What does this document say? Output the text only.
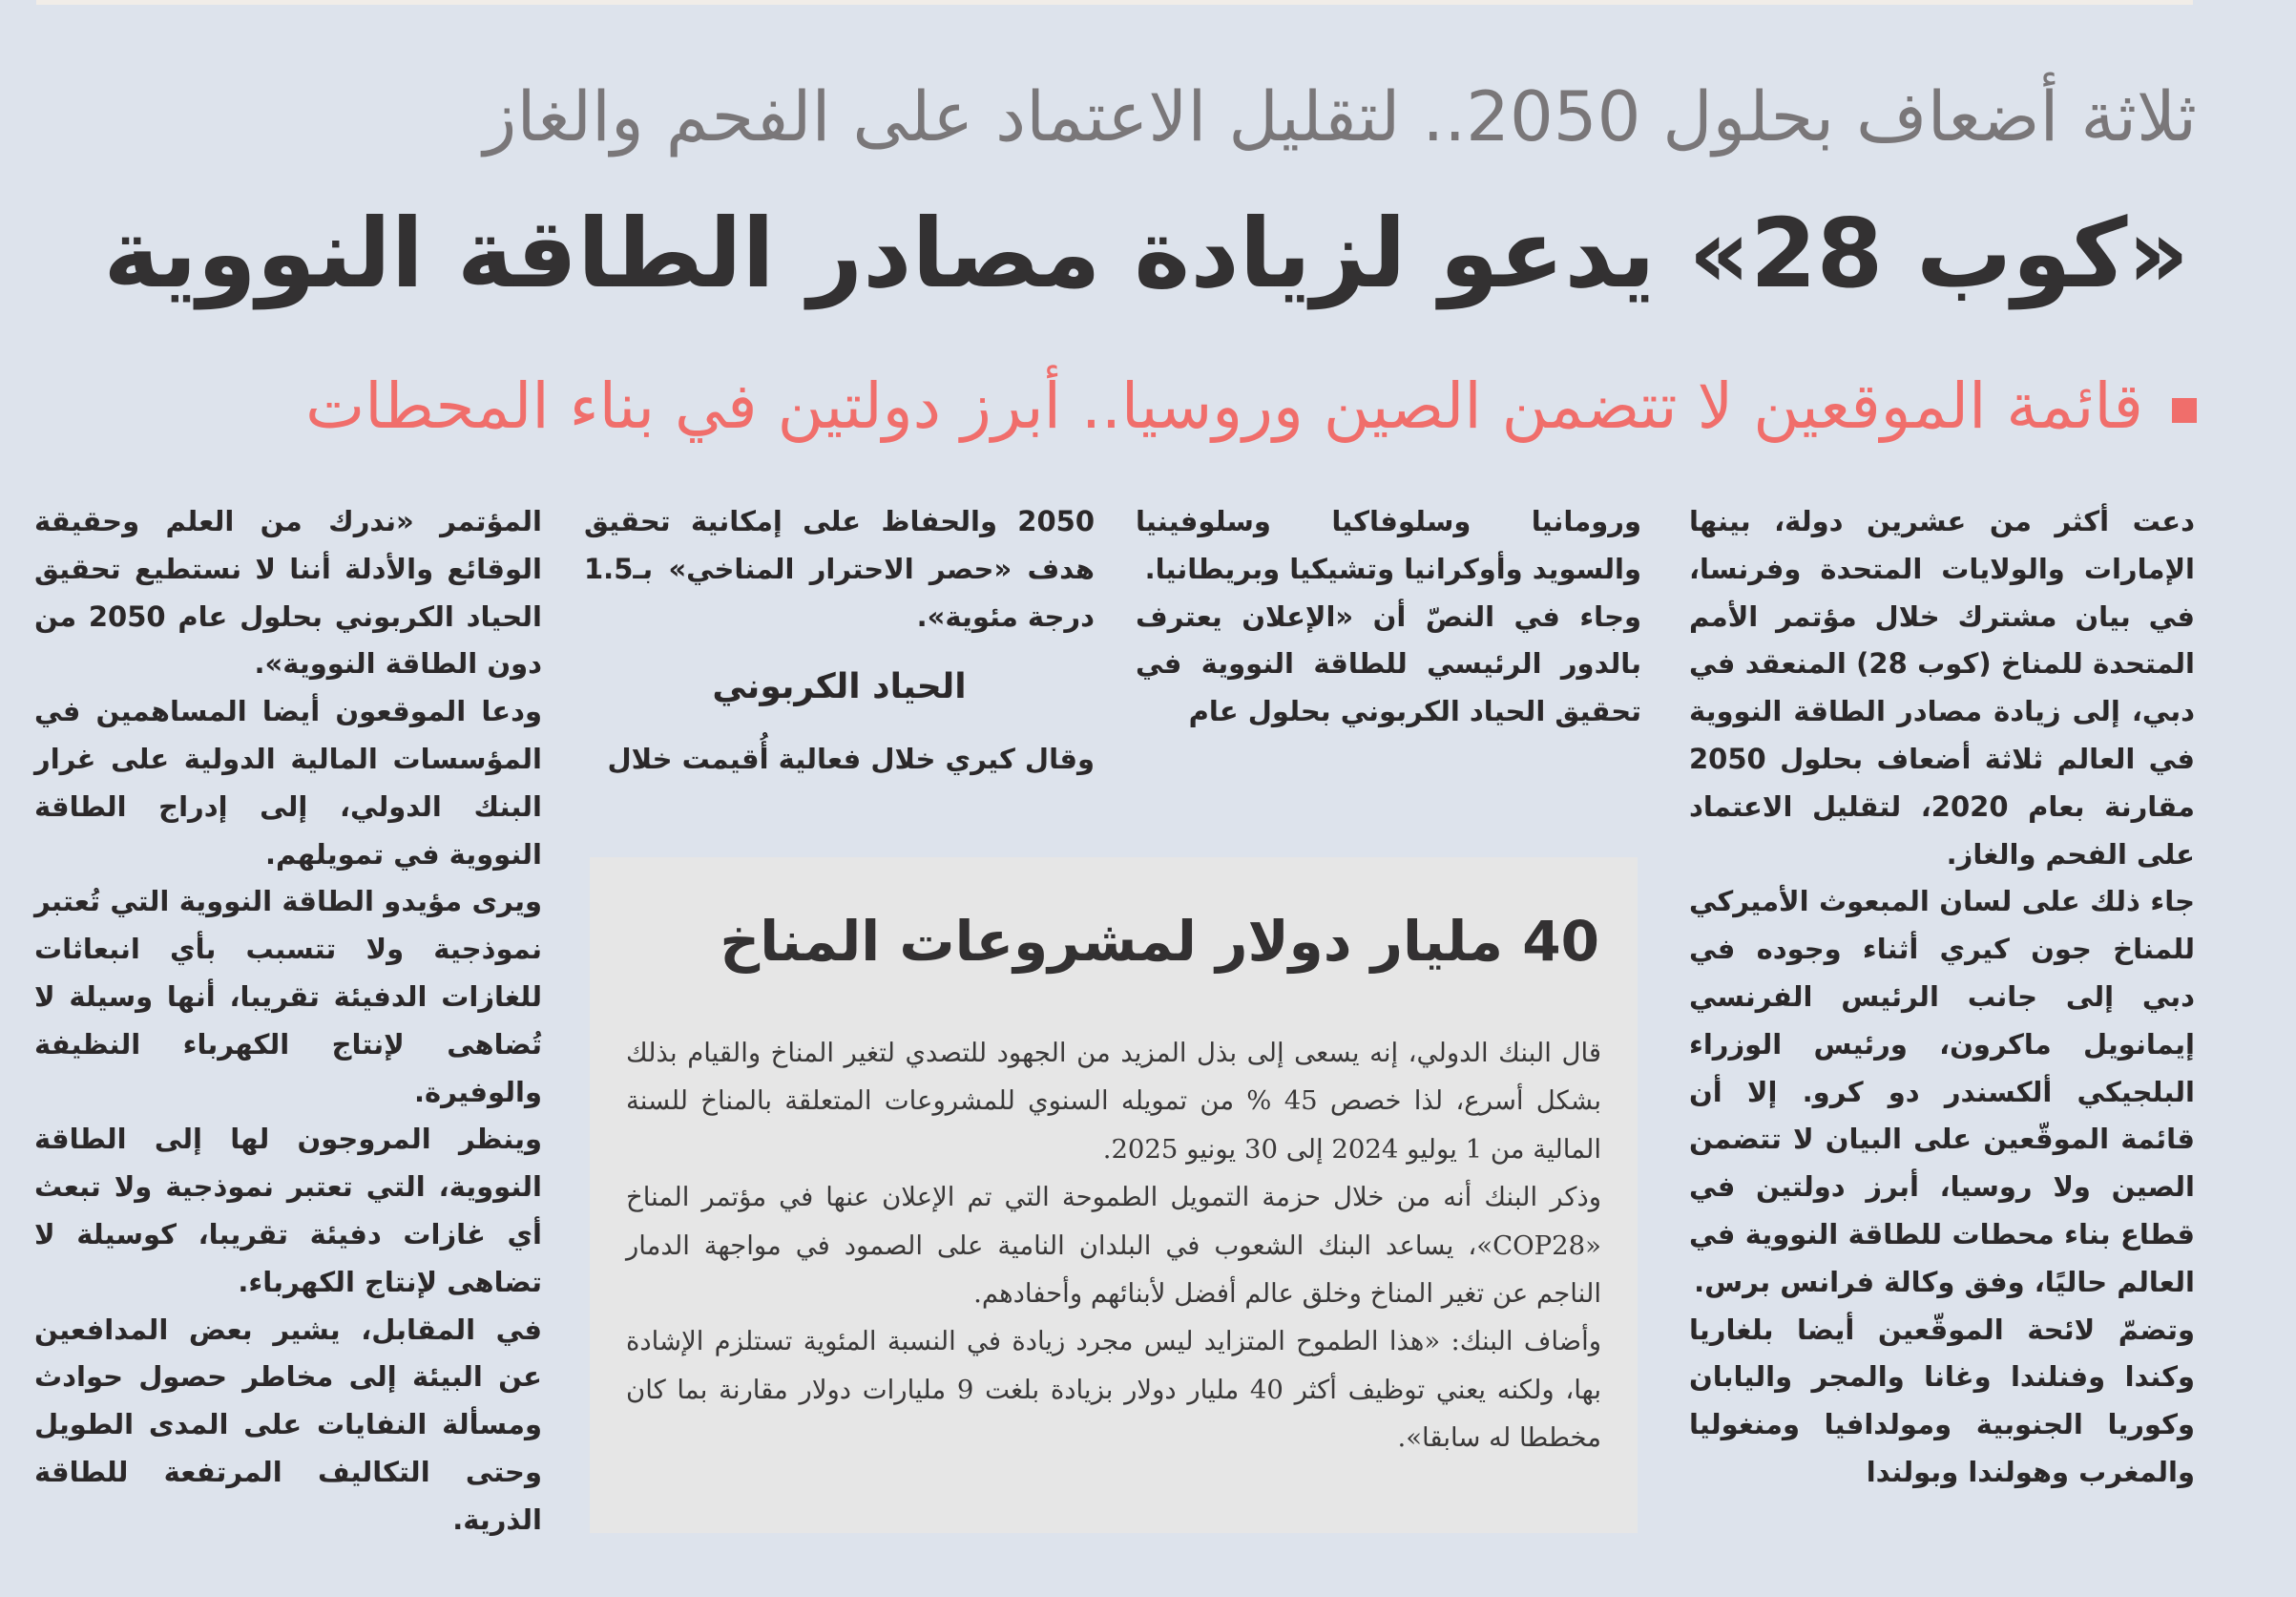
ثلاثة أضعاف بحلول 2050.. لتقليل الاعتماد على الفحم والغاز
«كوب 28» يدعو لزيادة مصادر الطاقة النووية
قائمة الموقعين لا تتضمن الصين وروسيا.. أبرز دولتين في بناء المحطات

دعت أكثر من عشرين دولة، بينها الإمارات والولايات المتحدة وفرنسا، في بيان مشترك خلال مؤتمر الأمم المتحدة للمناخ (كوب 28) المنعقد في دبي، إلى زيادة مصادر الطاقة النووية في العالم ثلاثة أضعاف بحلول 2050 مقارنة بعام 2020، لتقليل الاعتماد على الفحم والغاز.

جاء ذلك على لسان المبعوث الأميركي للمناخ جون كيري أثناء وجوده في دبي إلى جانب الرئيس الفرنسي إيمانويل ماكرون، ورئيس الوزراء البلجيكي ألكسندر دو كرو. إلا أن قائمة الموقّعين على البيان لا تتضمن الصين ولا روسيا، أبرز دولتين في قطاع بناء محطات للطاقة النووية في العالم حاليًا، وفق وكالة فرانس برس.

وتضمّ لائحة الموقّعين أيضا بلغاريا وكندا وفنلندا وغانا والمجر واليابان وكوريا الجنوبية ومولدافيا ومنغوليا والمغرب وهولندا وبولندا

ورومانيا وسلوفاكيا وسلوفينيا والسويد وأوكرانيا وتشيكيا وبريطانيا.

وجاء في النصّ أن «الإعلان يعترف بالدور الرئيسي للطاقة النووية في تحقيق الحياد الكربوني بحلول عام

2050 والحفاظ على إمكانية تحقيق هدف «حصر الاحترار المناخي» بـ1.5 درجة مئوية».

الحياد الكربوني

وقال كيري خلال فعالية أُقيمت خلال

المؤتمر «ندرك من العلم وحقيقة الوقائع والأدلة أننا لا نستطيع تحقيق الحياد الكربوني بحلول عام 2050 من دون الطاقة النووية».

ودعا الموقعون أيضا المساهمين في المؤسسات المالية الدولية على غرار البنك الدولي، إلى إدراج الطاقة النووية في تمويلهم.

ويرى مؤيدو الطاقة النووية التي تُعتبر نموذجية ولا تتسبب بأي انبعاثات للغازات الدفيئة تقريبا، أنها وسيلة لا تُضاهى لإنتاج الكهرباء النظيفة والوفيرة.

وينظر المروجون لها إلى الطاقة النووية، التي تعتبر نموذجية ولا تبعث أي غازات دفيئة تقريبا، كوسيلة لا تضاهى لإنتاج الكهرباء.

في المقابل، يشير بعض المدافعين عن البيئة إلى مخاطر حصول حوادث ومسألة النفايات على المدى الطويل وحتى التكاليف المرتفعة للطاقة الذرية.

40 مليار دولار لمشروعات المناخ

قال البنك الدولي، إنه يسعى إلى بذل المزيد من الجهود للتصدي لتغير المناخ والقيام بذلك بشكل أسرع، لذا خصص 45 % من تمويله السنوي للمشروعات المتعلقة بالمناخ للسنة المالية من 1 يوليو 2024 إلى 30 يونيو 2025.

وذكر البنك أنه من خلال حزمة التمويل الطموحة التي تم الإعلان عنها في مؤتمر المناخ «COP28»، يساعد البنك الشعوب في البلدان النامية على الصمود في مواجهة الدمار الناجم عن تغير المناخ وخلق عالم أفضل لأبنائهم وأحفادهم.

وأضاف البنك: «هذا الطموح المتزايد ليس مجرد زيادة في النسبة المئوية تستلزم الإشادة بها، ولكنه يعني توظيف أكثر 40 مليار دولار بزيادة بلغت 9 مليارات دولار مقارنة بما كان مخططا له سابقا».
